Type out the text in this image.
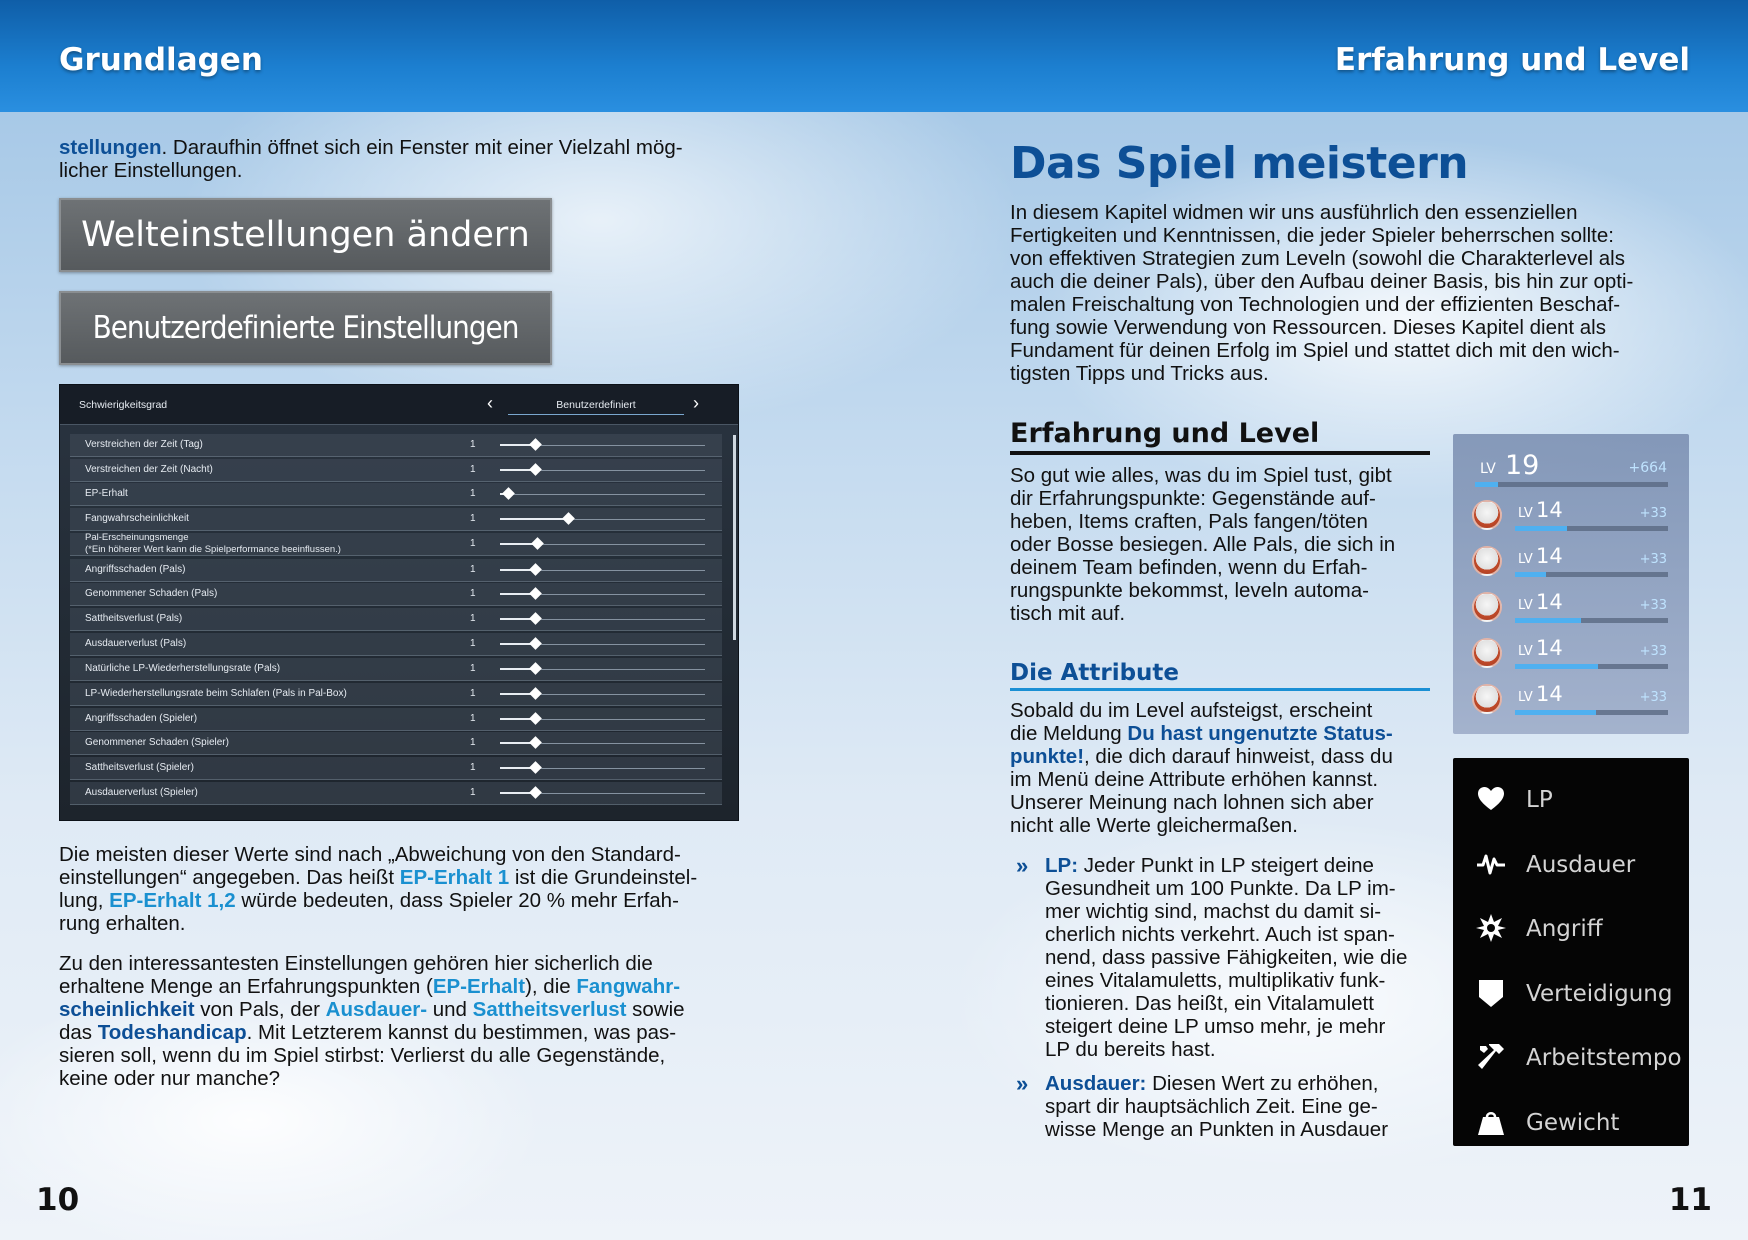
Grundlagen	Erfahrung und Level
stellungen. Daraufhin öffnet sich ein Fenster mit einer Vielzahl mög-
licher Einstellungen.
Welteinstellungen ändern
Benutzerdefinierte Einstellungen
Schwierigkeitsgrad	‹	Benutzerdefiniert	›
Verstreichen der Zeit (Tag)	1
Verstreichen der Zeit (Nacht)	1
EP-Erhalt	1
Fangwahrscheinlichkeit	1
Pal-Erscheinungsmenge
(*Ein höherer Wert kann die Spielperformance beeinflussen.)
1
Angriffsschaden (Pals)	1
Genommener Schaden (Pals)	1
Sattheitsverlust (Pals)	1
Ausdauerverlust (Pals)	1
Natürliche LP-Wiederherstellungsrate (Pals)	1
LP-Wiederherstellungsrate beim Schlafen (Pals in Pal-Box)	1
Angriffsschaden (Spieler)	1
Genommener Schaden (Spieler)	1
Sattheitsverlust (Spieler)	1
Ausdauerverlust (Spieler)	1
Die meisten dieser Werte sind nach „Abweichung von den Standard-
einstellungen“ angegeben. Das heißt EP-Erhalt 1 ist die Grundeinstel-
lung, EP-Erhalt 1,2 würde bedeuten, dass Spieler 20 % mehr Erfah-
rung erhalten.
Zu den interessantesten Einstellungen gehören hier sicherlich die
erhaltene Menge an Erfahrungspunkten (EP-Erhalt), die Fangwahr-
scheinlichkeit von Pals, der Ausdauer- und Sattheitsverlust sowie
das Todeshandicap. Mit Letzterem kannst du bestimmen, was pas-
sieren soll, wenn du im Spiel stirbst: Verlierst du alle Gegenstände,
keine oder nur manche?
10
Das Spiel meistern
In diesem Kapitel widmen wir uns ausführlich den essenziellen
Fertigkeiten und Kenntnissen, die jeder Spieler beherrschen sollte:
von effektiven Strategien zum Leveln (sowohl die Charakterlevel als
auch die deiner Pals), über den Aufbau deiner Basis, bis hin zur opti-
malen Freischaltung von Technologien und der effizienten Beschaf-
fung sowie Verwendung von Ressourcen. Dieses Kapitel dient als
Fundament für deinen Erfolg im Spiel und stattet dich mit den wich-
tigsten Tipps und Tricks aus.
Erfahrung und Level
So gut wie alles, was du im Spiel tust, gibt
dir Erfahrungspunkte: Gegenstände auf-
heben, Items craften, Pals fangen/töten
oder Bosse besiegen. Alle Pals, die sich in
deinem Team befinden, wenn du Erfah-
rungspunkte bekommst, leveln automa-
tisch mit auf.
Die Attribute
Sobald du im Level aufsteigst, erscheint
die Meldung Du hast ungenutzte Status-
punkte!, die dich darauf hinweist, dass du
im Menü deine Attribute erhöhen kannst.
Unserer Meinung nach lohnen sich aber
nicht alle Werte gleichermaßen.
» LP: Jeder Punkt in LP steigert deine
Gesundheit um 100 Punkte. Da LP im-
mer wichtig sind, machst du damit si-
cherlich nichts verkehrt. Auch ist span-
nend, dass passive Fähigkeiten, wie die
eines Vitalamuletts, multiplikativ funk-
tionieren. Das heißt, ein Vitalamulett
steigert deine LP umso mehr, je mehr
LP du bereits hast.
» Ausdauer: Diesen Wert zu erhöhen,
spart dir hauptsächlich Zeit. Eine ge-
wisse Menge an Punkten in Ausdauer
LV 19	+664
LV 14	+33
LV 14	+33
LV 14	+33
LV 14	+33
LV 14	+33
LP
Ausdauer
Angriff
Verteidigung
Arbeitstempo
Gewicht
11
